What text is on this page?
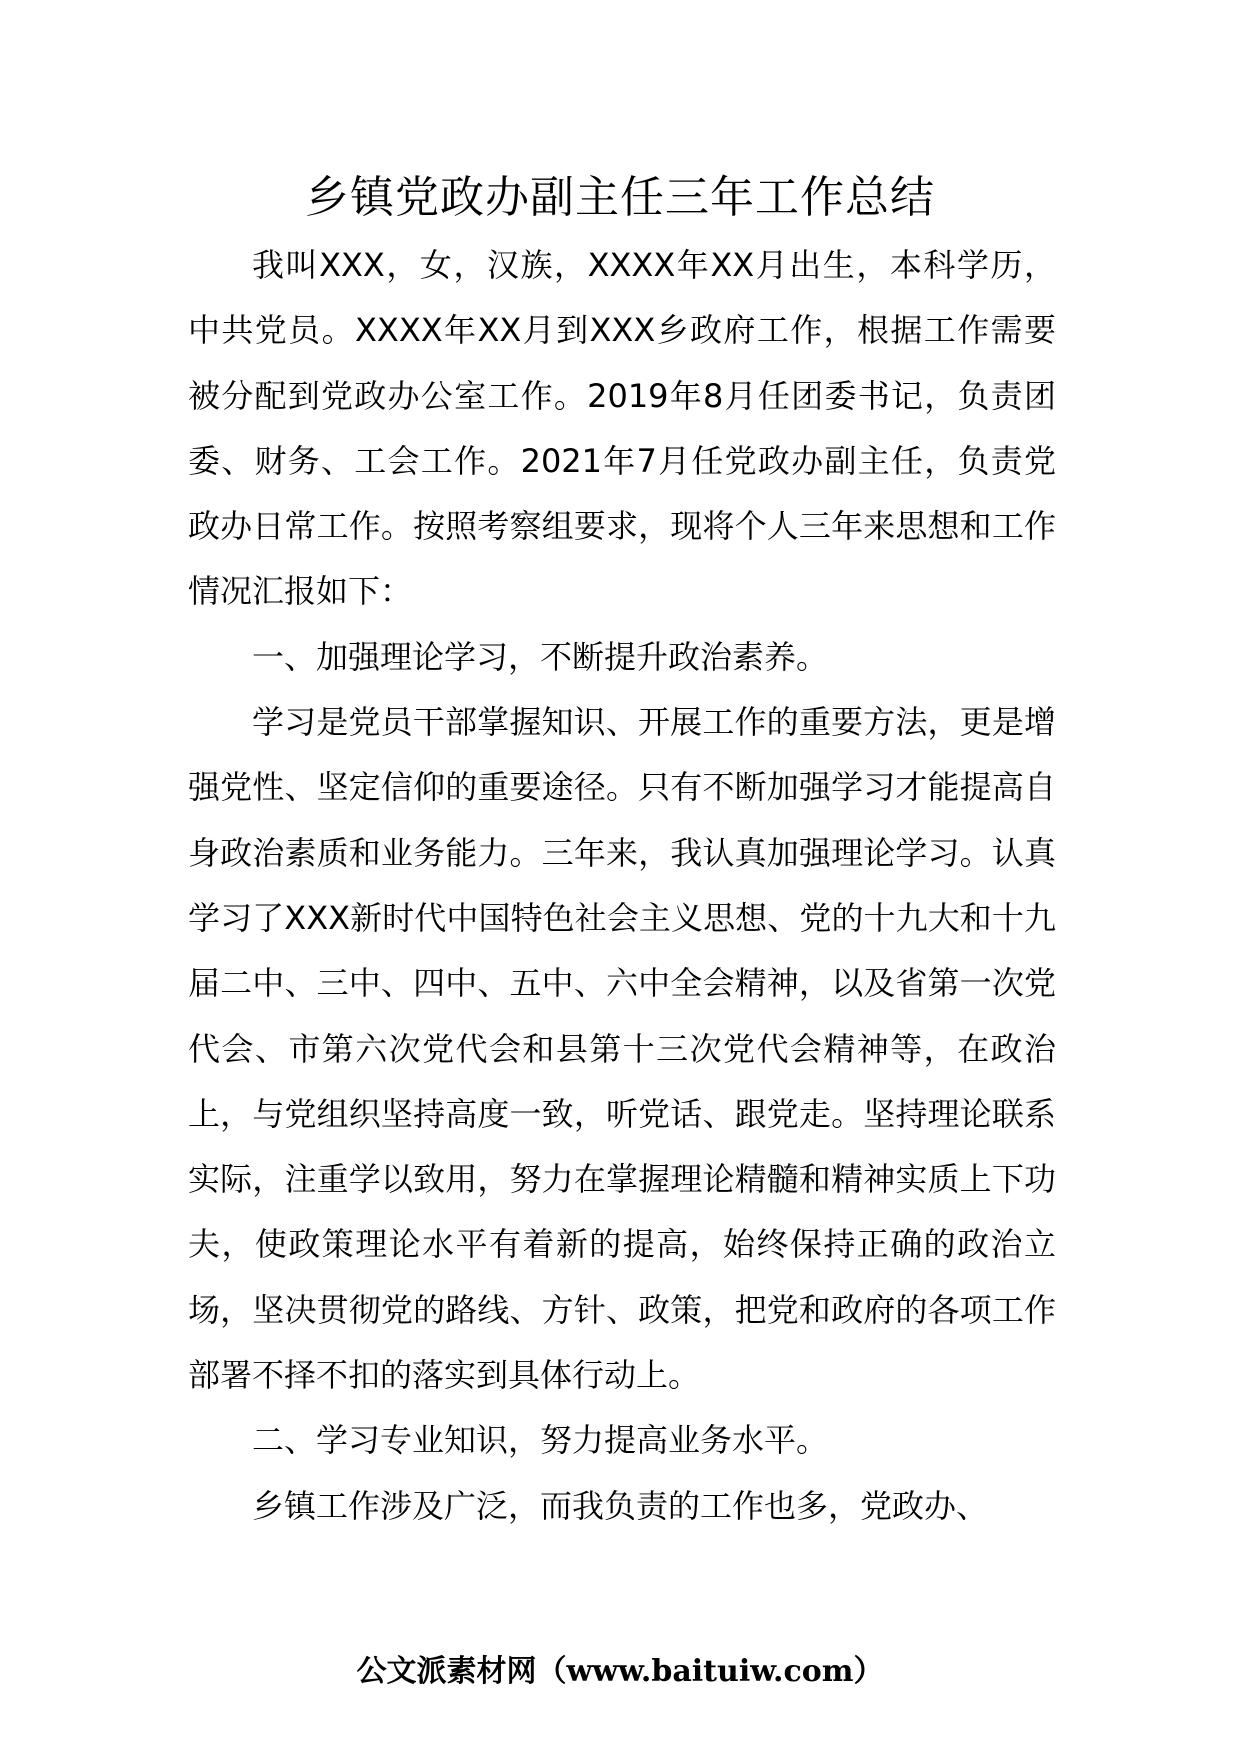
乡镇党政办副主任三年工作总结

我叫XXX，女，汉族，XXXX年XX月出生，本科学历，中共党员。XXXX年XX月到XXX乡政府工作，根据工作需要被分配到党政办公室工作。2019年8月任团委书记，负责团委、财务、工会工作。2021年7月任党政办副主任，负责党政办日常工作。按照考察组要求，现将个人三年来思想和工作情况汇报如下：

一、加强理论学习，不断提升政治素养。

学习是党员干部掌握知识、开展工作的重要方法，更是增强党性、坚定信仰的重要途径。只有不断加强学习才能提高自身政治素质和业务能力。三年来，我认真加强理论学习。认真学习了XXX新时代中国特色社会主义思想、党的十九大和十九届二中、三中、四中、五中、六中全会精神，以及省第一次党代会、市第六次党代会和县第十三次党代会精神等，在政治上，与党组织坚持高度一致，听党话、跟党走。坚持理论联系实际，注重学以致用，努力在掌握理论精髓和精神实质上下功夫，使政策理论水平有着新的提高，始终保持正确的政治立场，坚决贯彻党的路线、方针、政策，把党和政府的各项工作部署不择不扣的落实到具体行动上。

二、学习专业知识，努力提高业务水平。

乡镇工作涉及广泛，而我负责的工作也多，党政办、

公文派素材网（www.baituiw.com）
